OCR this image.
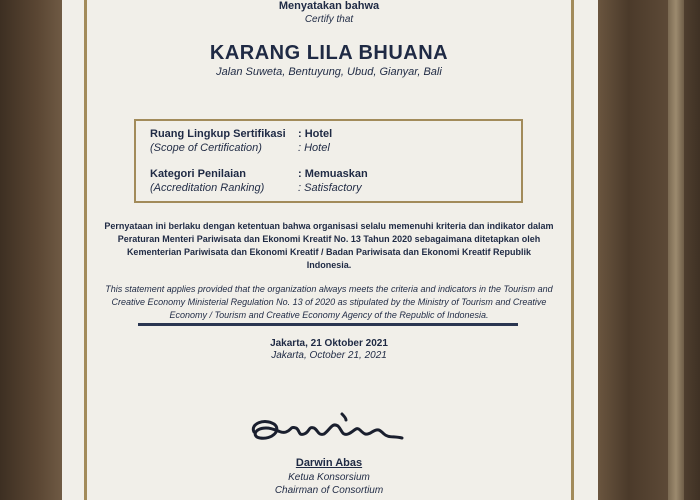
Menyatakan bahwa
Certify that
KARANG LILA BHUANA
Jalan Suweta, Bentuyung, Ubud, Gianyar, Bali
Ruang Lingkup Sertifikasi : Hotel
(Scope of Certification)	: Hotel
Kategori Penilaian	: Memuaskan
(Accreditation Ranking)	: Satisfactory
Pernyataan ini berlaku dengan ketentuan bahwa organisasi selalu memenuhi kriteria dan indikator dalam Peraturan Menteri Pariwisata dan Ekonomi Kreatif No. 13 Tahun 2020 sebagaimana ditetapkan oleh Kementerian Pariwisata dan Ekonomi Kreatif / Badan Pariwisata dan Ekonomi Kreatif Republik Indonesia.
This statement applies provided that the organization always meets the criteria and indicators in the Tourism and Creative Economy Ministerial Regulation No. 13 of 2020 as stipulated by the Ministry of Tourism and Creative Economy / Tourism and Creative Economy Agency of the Republic of Indonesia.
Jakarta, 21 Oktober 2021
Jakarta, October 21, 2021
Darwin Abas
Ketua Konsorsium
Chairman of Consortium
